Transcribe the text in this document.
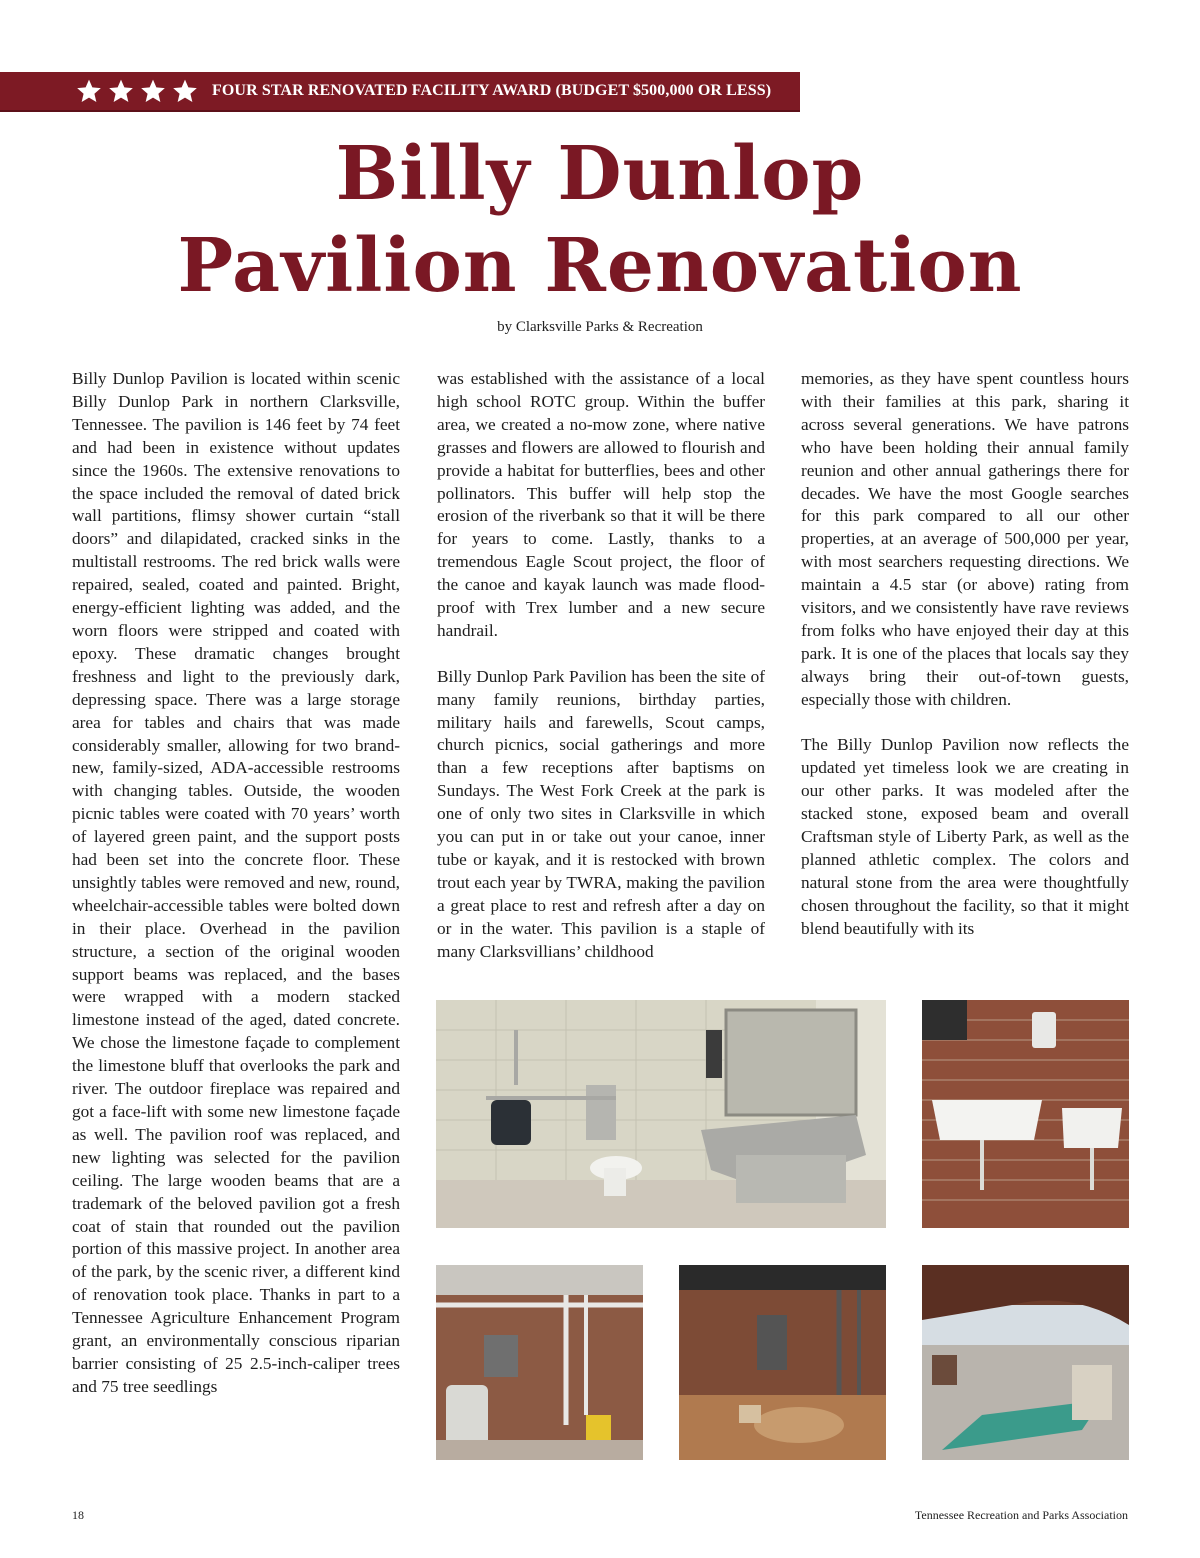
FOUR STAR RENOVATED FACILITY AWARD (BUDGET $500,000 OR LESS)
Billy Dunlop
Pavilion Renovation
by Clarksville Parks & Recreation

Billy Dunlop Pavilion is located within scenic Billy Dunlop Park in northern Clarksville, Tennessee. The pavilion is 146 feet by 74 feet and had been in existence without updates since the 1960s. The extensive renovations to the space included the removal of dated brick wall partitions, flimsy shower curtain “stall doors” and dilapidated, cracked sinks in the multistall restrooms. The red brick walls were repaired, sealed, coated and painted. Bright, energy-efficient lighting was added, and the worn floors were stripped and coated with epoxy. These dramatic changes brought freshness and light to the previously dark, depressing space. There was a large storage area for tables and chairs that was made considerably smaller, allowing for two brand-new, family-sized, ADA-accessible restrooms with changing tables. Outside, the wooden picnic tables were coated with 70 years’ worth of layered green paint, and the support posts had been set into the concrete floor. These unsightly tables were removed and new, round, wheelchair-accessible tables were bolted down in their place. Overhead in the pavilion structure, a section of the original wooden support beams was replaced, and the bases were wrapped with a modern stacked limestone instead of the aged, dated concrete. We chose the limestone façade to complement the limestone bluff that overlooks the park and river. The outdoor fireplace was repaired and got a face-lift with some new limestone façade as well. The pavilion roof was replaced, and new lighting was selected for the pavilion ceiling. The large wooden beams that are a trademark of the beloved pavilion got a fresh coat of stain that rounded out the pavilion portion of this massive project. In another area of the park, by the scenic river, a different kind of renovation took place. Thanks in part to a Tennessee Agriculture Enhancement Program grant, an environmentally conscious riparian barrier consisting of 25 2.5-inch-caliper trees and 75 tree seedlings

was established with the assistance of a local high school ROTC group. Within the buffer area, we created a no-mow zone, where native grasses and flowers are allowed to flourish and provide a habitat for butterflies, bees and other pollinators. This buffer will help stop the erosion of the riverbank so that it will be there for years to come. Lastly, thanks to a tremendous Eagle Scout project, the floor of the canoe and kayak launch was made flood-proof with Trex lumber and a new secure handrail.

Billy Dunlop Park Pavilion has been the site of many family reunions, birthday parties, military hails and farewells, Scout camps, church picnics, social gatherings and more than a few receptions after baptisms on Sundays. The West Fork Creek at the park is one of only two sites in Clarksville in which you can put in or take out your canoe, inner tube or kayak, and it is restocked with brown trout each year by TWRA, making the pavilion a great place to rest and refresh after a day on or in the water. This pavilion is a staple of many Clarksvillians’ childhood

memories, as they have spent countless hours with their families at this park, sharing it across several generations. We have patrons who have been holding their annual family reunion and other annual gatherings there for decades. We have the most Google searches for this park compared to all our other properties, at an average of 500,000 per year, with most searchers requesting directions. We maintain a 4.5 star (or above) rating from visitors, and we consistently have rave reviews from folks who have enjoyed their day at this park. It is one of the places that locals say they always bring their out-of-town guests, especially those with children.

The Billy Dunlop Pavilion now reflects the updated yet timeless look we are creating in our other parks. It was modeled after the stacked stone, exposed beam and overall Craftsman style of Liberty Park, as well as the planned athletic complex. The colors and natural stone from the area were thoughtfully chosen throughout the facility, so that it might blend beautifully with its

18	Tennessee Recreation and Parks Association
